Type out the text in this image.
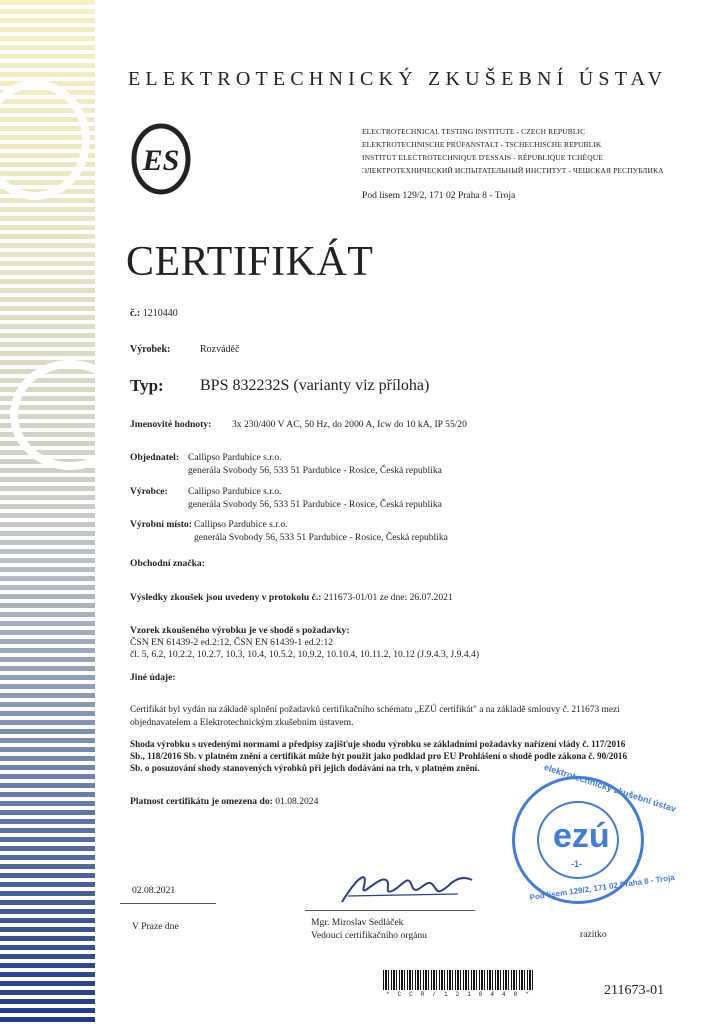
ELEKTROTECHNICKÝ ZKUŠEBNÍ ÚSTAV
ES
ELECTROTECHNICAL TESTING INSTITUTE - CZECH REPUBLIC
ELEKTROTECHNISCHE PRÜFANSTALT - TSCHECHISCHE REPUBLIK
INSTITUT ELECTROTECHNIQUE D'ESSAIS - RÉPUBLIQUE TCHÈQUE
ЭЛЕКТРОТЕХНИЧЕСКИЙ ИСПЫТАТЕЛЬНЫЙ ИНСТИТУТ - ЧЕШСКАЯ РЕСПУБЛИКА
Pod lisem 129/2, 171 02 Praha 8 - Troja
CERTIFIKÁT
č.: 1210440
Výrobek:	Rozváděč
Typ: BPS 832232S (varianty viz příloha)
Jmenovité hodnoty: 3x 230/400 V AC, 50 Hz, do 2000 A, Icw do 10 kA, IP 55/20
Objednatel: Callipso Pardubice s.r.o.
generála Svobody 56, 533 51 Pardubice - Rosice, Česká republika
Výrobce: Callipso Pardubice s.r.o.
generála Svobody 56, 533 51 Pardubice - Rosice, Česká republika
Výrobní místo: Callipso Pardubice s.r.o.
generála Svobody 56, 533 51 Pardubice - Rosice, Česká republika
Obchodní značka:
Výsledky zkoušek jsou uvedeny v protokolu č.: 211673-01/01 ze dne: 26.07.2021
Vzorek zkoušeného výrobku je ve shodě s požadavky:
ČSN EN 61439-2 ed.2:12, ČSN EN 61439-1 ed.2:12
čl. 5, 6.2, 10.2.2, 10.2.7, 10.3, 10.4, 10.5.2, 10.9.2, 10.10.4, 10.11.2, 10.12 (J.9.4.3, J.9.4.4)
Jiné údaje:
Certifikát byl vydán na základě splnění požadavků certifikačního schématu „EZÚ certifikát" a na základě smlouvy č. 211673 mezi
objednavatelem a Elektrotechnickým zkušebním ústavem.
Shoda výrobku s uvedenými normami a předpisy zajišťuje shodu výrobku se základními požadavky nařízení vlády č. 117/2016
Sb., 118/2016 Sb. v platném znění a certifikát může být použit jako podklad pro EU Prohlášení o shodě podle zákona č. 90/2016
Sb. o posuzování shody stanovených výrobků při jejich dodávání na trh, v platném znění.
Platnost certifikátu je omezena do: 01.08.2024	elektrotechnický zkušební ústav
ezú
-1-
Pod lisem 129/2, 171 02 Praha 8 - Troja
02.08.2021
V Praze dne	Mgr. Miroslav Sedláček
Vedoucí certifikačního orgánu	razítko
*CCR/1210440*	211673-01
